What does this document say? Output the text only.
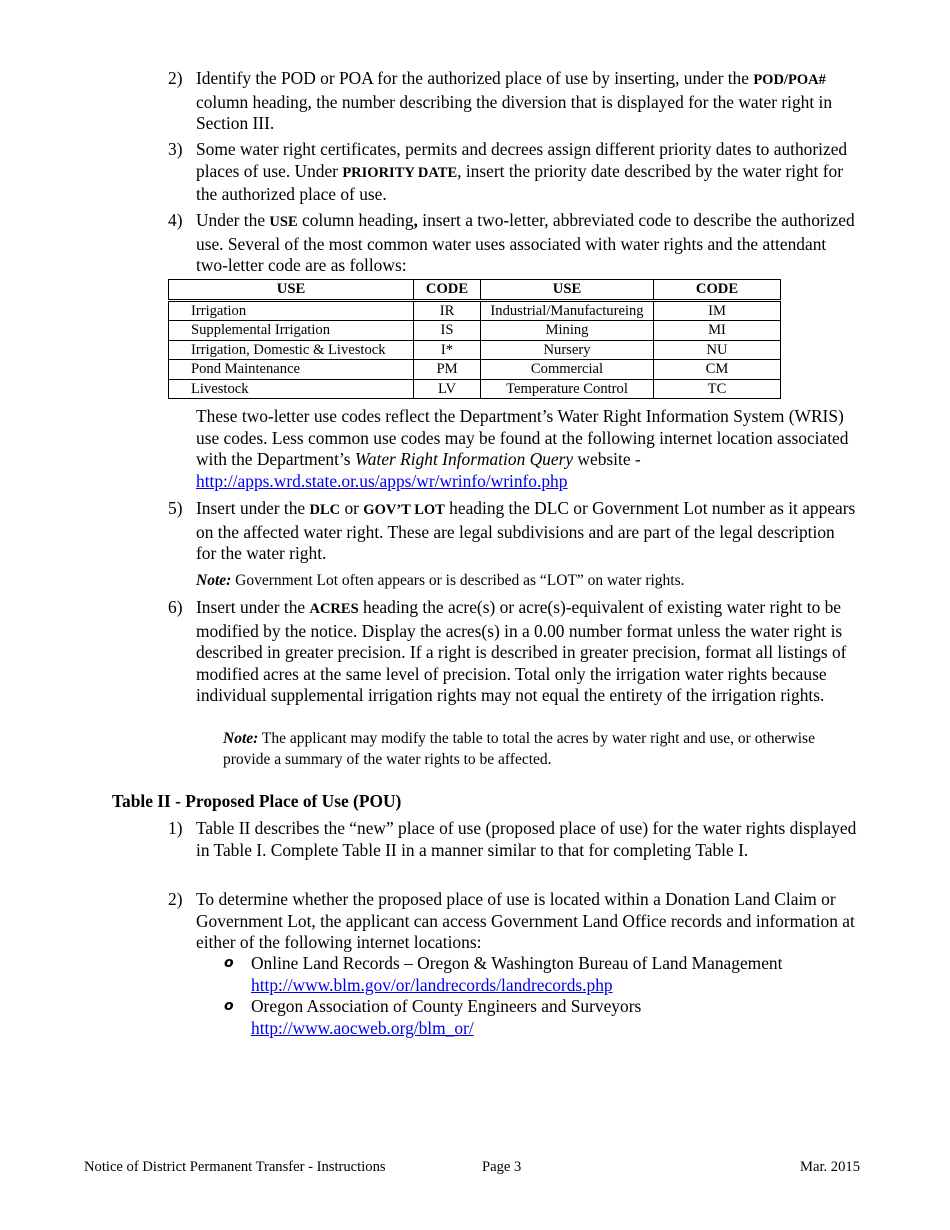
2) Identify the POD or POA for the authorized place of use by inserting, under the POD/POA# column heading, the number describing the diversion that is displayed for the water right in Section III.
3) Some water right certificates, permits and decrees assign different priority dates to authorized places of use. Under PRIORITY DATE, insert the priority date described by the water right for the authorized place of use.
4) Under the USE column heading, insert a two-letter, abbreviated code to describe the authorized use. Several of the most common water uses associated with water rights and the attendant two-letter code are as follows:
USE	CODE	USE	CODE
Irrigation	IR	Industrial/Manufactureing	IM
Supplemental Irrigation	IS	Mining	MI
Irrigation, Domestic & Livestock	I*	Nursery	NU
Pond Maintenance	PM	Commercial	CM
Livestock	LV	Temperature Control	TC
These two-letter use codes reflect the Department’s Water Right Information System (WRIS) use codes. Less common use codes may be found at the following internet location associated with the Department’s Water Right Information Query website - http://apps.wrd.state.or.us/apps/wr/wrinfo/wrinfo.php
5) Insert under the DLC or GOV’T LOT heading the DLC or Government Lot number as it appears on the affected water right. These are legal subdivisions and are part of the legal description for the water right.
Note: Government Lot often appears or is described as “LOT” on water rights.
6) Insert under the ACRES heading the acre(s) or acre(s)-equivalent of existing water right to be modified by the notice. Display the acres(s) in a 0.00 number format unless the water right is described in greater precision. If a right is described in greater precision, format all listings of modified acres at the same level of precision. Total only the irrigation water rights because individual supplemental irrigation rights may not equal the entirety of the irrigation rights.
Note: The applicant may modify the table to total the acres by water right and use, or otherwise provide a summary of the water rights to be affected.
Table II - Proposed Place of Use (POU)
1) Table II describes the “new” place of use (proposed place of use) for the water rights displayed in Table I. Complete Table II in a manner similar to that for completing Table I.
2) To determine whether the proposed place of use is located within a Donation Land Claim or Government Lot, the applicant can access Government Land Office records and information at either of the following internet locations:
o Online Land Records – Oregon & Washington Bureau of Land Management
http://www.blm.gov/or/landrecords/landrecords.php
o Oregon Association of County Engineers and Surveyors
http://www.aocweb.org/blm_or/
Notice of District Permanent Transfer - Instructions	Page 3	Mar. 2015
